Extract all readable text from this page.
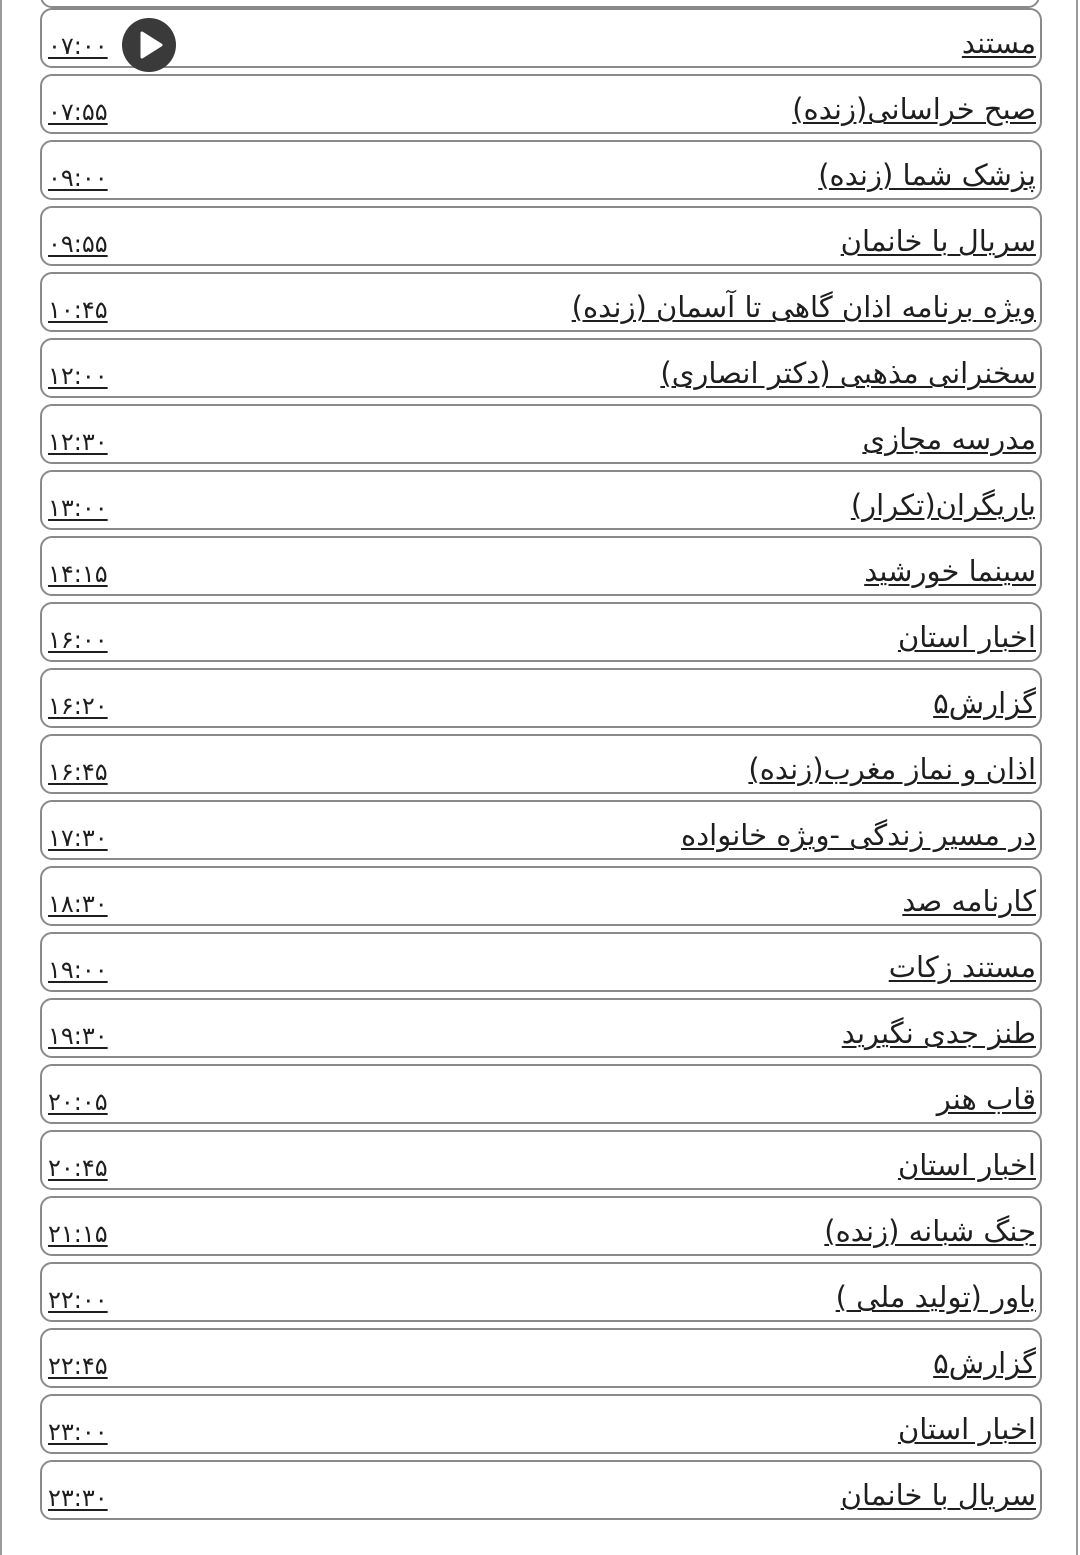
مستند
۰۷:۰۰
صبح خراسانی(زنده)
۰۷:۵۵
پزشک شما (زنده)
۰۹:۰۰
سریال با خانمان
۰۹:۵۵
ویژه برنامه اذان گاهی تا آسمان (زنده)
۱۰:۴۵
سخنرانی مذهبی (دکتر انصاری)
۱۲:۰۰
مدرسه مجازی
۱۲:۳۰
یاریگران(تکرار)
۱۳:۰۰
سینما خورشید
۱۴:۱۵
اخبار استان
۱۶:۰۰
گزارش۵
۱۶:۲۰
اذان و نماز مغرب(زنده)
۱۶:۴۵
در مسیر زندگی -ویژه خانواده
۱۷:۳۰
کارنامه صد
۱۸:۳۰
مستند زکات
۱۹:۰۰
طنز جدی نگیرید
۱۹:۳۰
قاب هنر
۲۰:۰۵
اخبار استان
۲۰:۴۵
جنگ شبانه (زنده)
۲۱:۱۵
باور (تولید ملی )
۲۲:۰۰
گزارش۵
۲۲:۴۵
اخبار استان
۲۳:۰۰
سریال با خانمان
۲۳:۳۰
